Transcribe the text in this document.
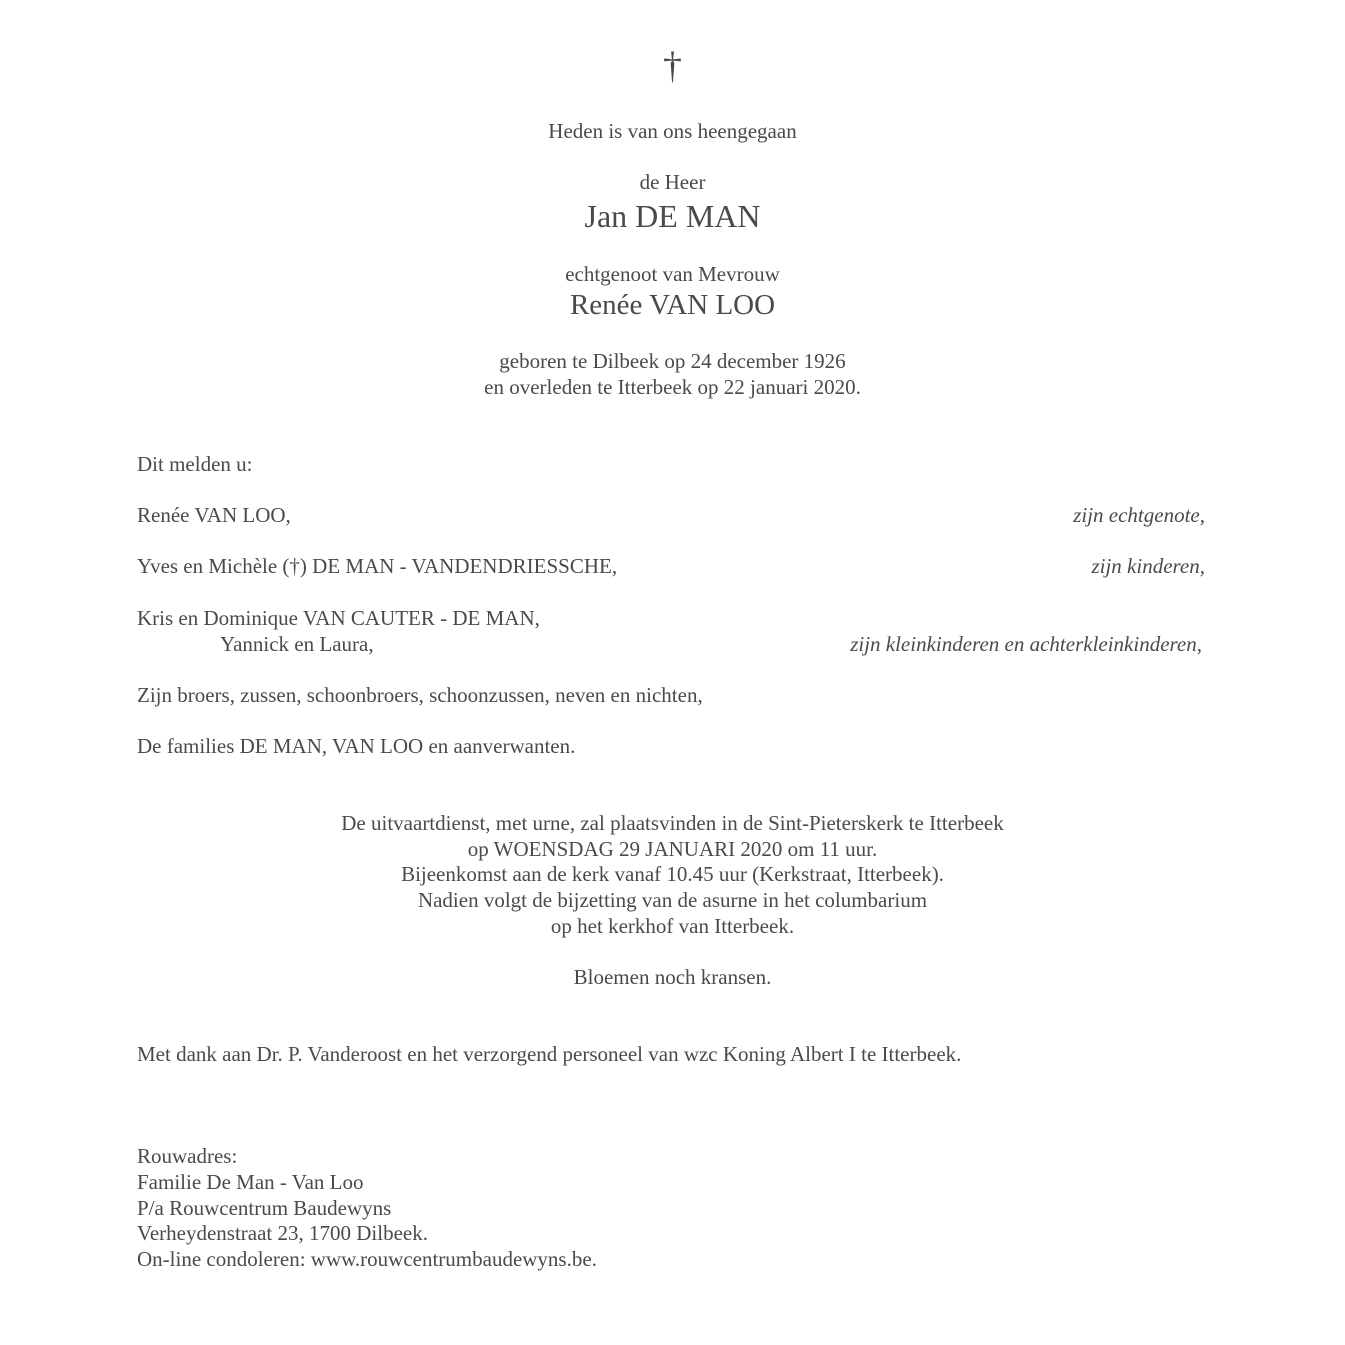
†
Heden is van ons heengegaan
de Heer
Jan DE MAN
echtgenoot van Mevrouw
Renée VAN LOO
geboren te Dilbeek op 24 december 1926
en overleden te Itterbeek op 22 januari 2020.
Dit melden u:
Renée VAN LOO,	zijn echtgenote,
Yves en Michèle (†) DE MAN - VANDENDRIESSCHE,	zijn kinderen,
Kris en Dominique VAN CAUTER - DE MAN,
Yannick en Laura,	zijn kleinkinderen en achterkleinkinderen,
Zijn broers, zussen, schoonbroers, schoonzussen, neven en nichten,
De families DE MAN, VAN LOO en aanverwanten.
De uitvaartdienst, met urne, zal plaatsvinden in de Sint-Pieterskerk te Itterbeek
op WOENSDAG 29 JANUARI 2020 om 11 uur.
Bijeenkomst aan de kerk vanaf 10.45 uur (Kerkstraat, Itterbeek).
Nadien volgt de bijzetting van de asurne in het columbarium
op het kerkhof van Itterbeek.
Bloemen noch kransen.
Met dank aan Dr. P. Vanderoost en het verzorgend personeel van wzc Koning Albert I te Itterbeek.
Rouwadres:
Familie De Man - Van Loo
P/a Rouwcentrum Baudewyns
Verheydenstraat 23, 1700 Dilbeek.
On-line condoleren: www.rouwcentrumbaudewyns.be.
